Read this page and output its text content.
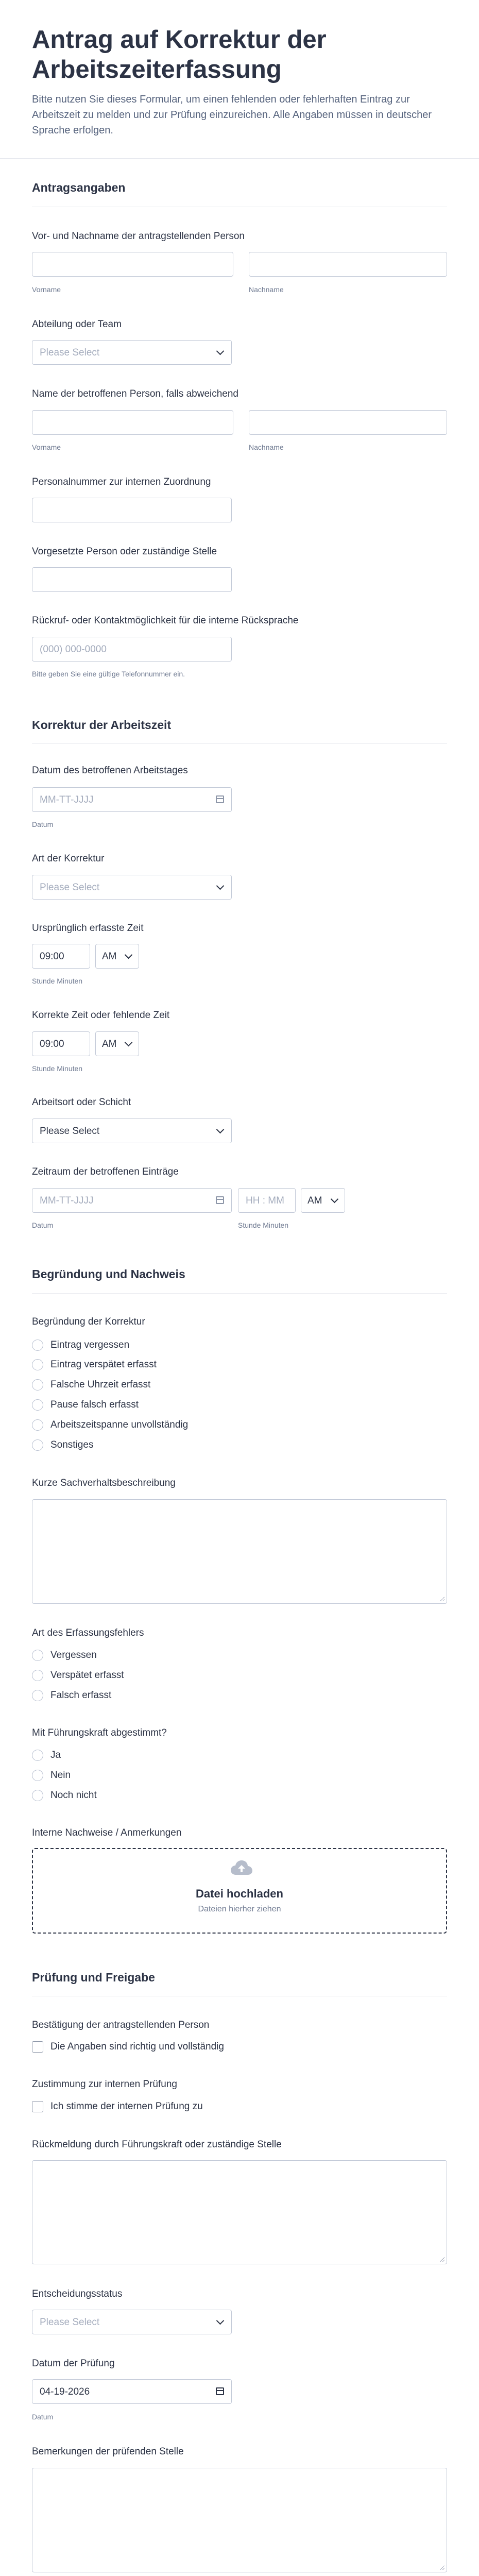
Antrag auf Korrektur der Arbeitszeiterfassung

Bitte nutzen Sie dieses Formular, um einen fehlenden oder fehlerhaften Eintrag zur Arbeitszeit zu melden und zur Prüfung einzureichen. Alle Angaben müssen in deutscher Sprache erfolgen.

Antragsangaben
Vor- und Nachname der antragstellenden Person
Vorname	Nachname
Abteilung oder Team
Please Select
Name der betroffenen Person, falls abweichend
Vorname	Nachname
Personalnummer zur internen Zuordnung
Vorgesetzte Person oder zuständige Stelle
Rückruf- oder Kontaktmöglichkeit für die interne Rücksprache
(000) 000-0000
Bitte geben Sie eine gültige Telefonnummer ein.
Korrektur der Arbeitszeit
Datum des betroffenen Arbeitstages
MM-TT-JJJJ
Datum
Art der Korrektur
Please Select
Ursprünglich erfasste Zeit
09:00	AM
Stunde Minuten
Korrekte Zeit oder fehlende Zeit
09:00	AM
Stunde Minuten
Arbeitsort oder Schicht
Please Select
Zeitraum der betroffenen Einträge
MM-TT-JJJJ	HH : MM AM
Datum	Stunde Minuten
Begründung und Nachweis
Begründung der Korrektur
Eintrag vergessen
Eintrag verspätet erfasst
Falsche Uhrzeit erfasst
Pause falsch erfasst
Arbeitszeitspanne unvollständig
Sonstiges
Kurze Sachverhaltsbeschreibung
Art des Erfassungsfehlers
Vergessen
Verspätet erfasst
Falsch erfasst
Mit Führungskraft abgestimmt?
Ja
Nein
Noch nicht
Interne Nachweise / Anmerkungen
Datei hochladen
Dateien hierher ziehen
Prüfung und Freigabe
Bestätigung der antragstellenden Person
Die Angaben sind richtig und vollständig
Zustimmung zur internen Prüfung
Ich stimme der internen Prüfung zu
Rückmeldung durch Führungskraft oder zuständige Stelle
Entscheidungsstatus
Please Select
Datum der Prüfung
04-19-2026
Datum
Bemerkungen der prüfenden Stelle
